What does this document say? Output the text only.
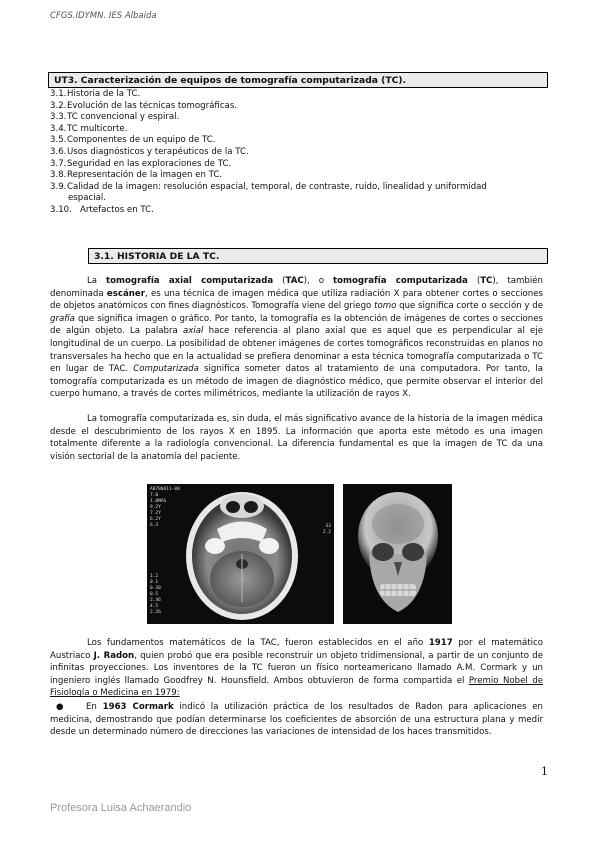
CFGS.IDYMN. IES Albaida
UT3. Caracterización de equipos de tomografía computarizada (TC).
3.1. Historia de la TC.
3.2. Evolución de las técnicas tomográficas.
3.3. TC convencional y espiral.
3.4. TC multicorte.
3.5. Componentes de un equipo de TC.
3.6. Usos diagnósticos y terapéuticos de la TC.
3.7. Seguridad en las exploraciones de TC.
3.8. Representación de la imagen en TC.
3.9. Calidad de la imagen: resolución espacial, temporal, de contraste, ruido, linealidad y uniformidad
espacial.
3.10. Artefactos en TC.
3.1. HISTORIA DE LA TC.

La tomografía axial computarizada (TAC), o tomografía computarizada (TC), también denominada escáner, es una técnica de imagen médica que utiliza radiación X para obtener cortes o secciones de objetos anatómicos con fines diagnósticos. Tomografía viene del griego tomo que significa corte o sección y de grafía que significa imagen o gráfico. Por tanto, la tomografía es la obtención de imágenes de cortes o secciones de algún objeto. La palabra axial hace referencia al plano axial que es aquel que es perpendicular al eje longitudinal de un cuerpo. La posibilidad de obtener imágenes de cortes tomográficos reconstruidas en planos no transversales ha hecho que en la actualidad se prefiera denominar a esta técnica tomografía computarizada o TC en lugar de TAC. Computarizada significa someter datos al tratamiento de una computadora. Por tanto, la tomografía computarizada es un método de imagen de diagnóstico médico, que permite observar el interior del cuerpo humano, a través de cortes milimétricos, mediante la utilización de rayos X.

La tomografía computarizada es, sin duda, el más significativo avance de la historia de la imagen médica desde el descubrimiento de los rayos X en 1895. La información que aporta este método es una imagen totalmente diferente a la radiología convencional. La diferencia fundamental es que la imagen de TC da una visión sectorial de la anatomía del paciente.

AB780411-08
7.0
1.0MAS
9.2Y
7.2Y
6.2Y
6.3
1.2
0.1
0.30
0.5
2.46
4.5
2.26
S3
2.2

Los fundamentos matemáticos de la TAC, fueron establecidos en el año 1917 por el matemático Austriaco J. Radon, quien probó que era posible reconstruir un objeto tridimensional, a partir de un conjunto de infinitas proyecciones. Los inventores de la TC fueron un físico norteamericano llamado A.M. Cormark y un ingeniero inglés llamado Goodfrey N. Hounsfield. Ambos obtuvieron de forma compartida el Premio Nobel de Fisiología o Medicina en 1979:

●	En 1963 Cormark indicó la utilización práctica de los resultados de Radon para aplicaciones en medicina, demostrando que podían determinarse los coeficientes de absorción de una estructura plana y medir desde un determinado número de direcciones las variaciones de intensidad de los haces transmitidos.

1
Profesora Luisa Achaerandio
